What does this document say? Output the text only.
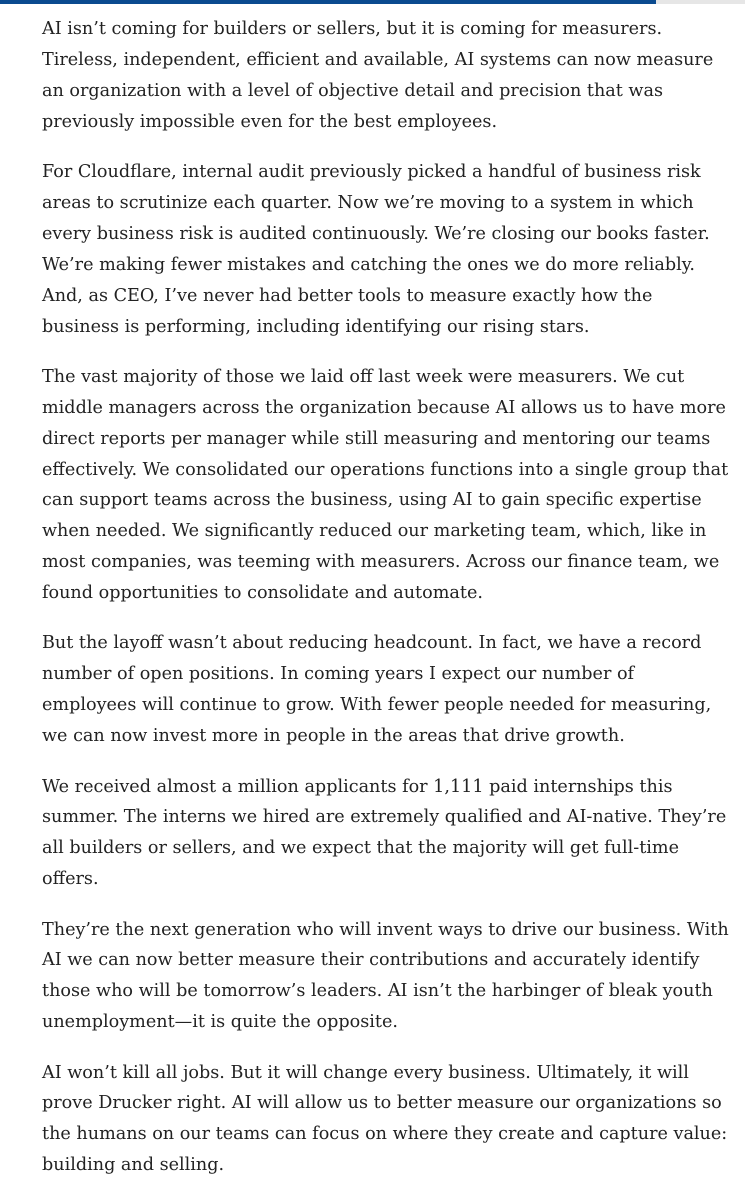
AI isn’t coming for builders or sellers, but it is coming for measurers. Tireless, independent, efficient and available, AI systems can now measure an organization with a level of objective detail and precision that was previously impossible even for the best employees.

For Cloudflare, internal audit previously picked a handful of business risk areas to scrutinize each quarter. Now we’re moving to a system in which every business risk is audited continuously. We’re closing our books faster. We’re making fewer mistakes and catching the ones we do more reliably. And, as CEO, I’ve never had better tools to measure exactly how the business is performing, including identifying our rising stars.

The vast majority of those we laid off last week were measurers. We cut middle managers across the organization because AI allows us to have more direct reports per manager while still measuring and mentoring our teams effectively. We consolidated our operations functions into a single group that can support teams across the business, using AI to gain specific expertise when needed. We significantly reduced our marketing team, which, like in most companies, was teeming with measurers. Across our finance team, we found opportunities to consolidate and automate.

But the layoff wasn’t about reducing headcount. In fact, we have a record number of open positions. In coming years I expect our number of employees will continue to grow. With fewer people needed for measuring, we can now invest more in people in the areas that drive growth.

We received almost a million applicants for 1,111 paid internships this summer. The interns we hired are extremely qualified and AI-native. They’re all builders or sellers, and we expect that the majority will get full-time offers.

They’re the next generation who will invent ways to drive our business. With AI we can now better measure their contributions and accurately identify those who will be tomorrow’s leaders. AI isn’t the harbinger of bleak youth unemployment—it is quite the opposite.

AI won’t kill all jobs. But it will change every business. Ultimately, it will prove Drucker right. AI will allow us to better measure our organizations so the humans on our teams can focus on where they create and capture value: building and selling.
